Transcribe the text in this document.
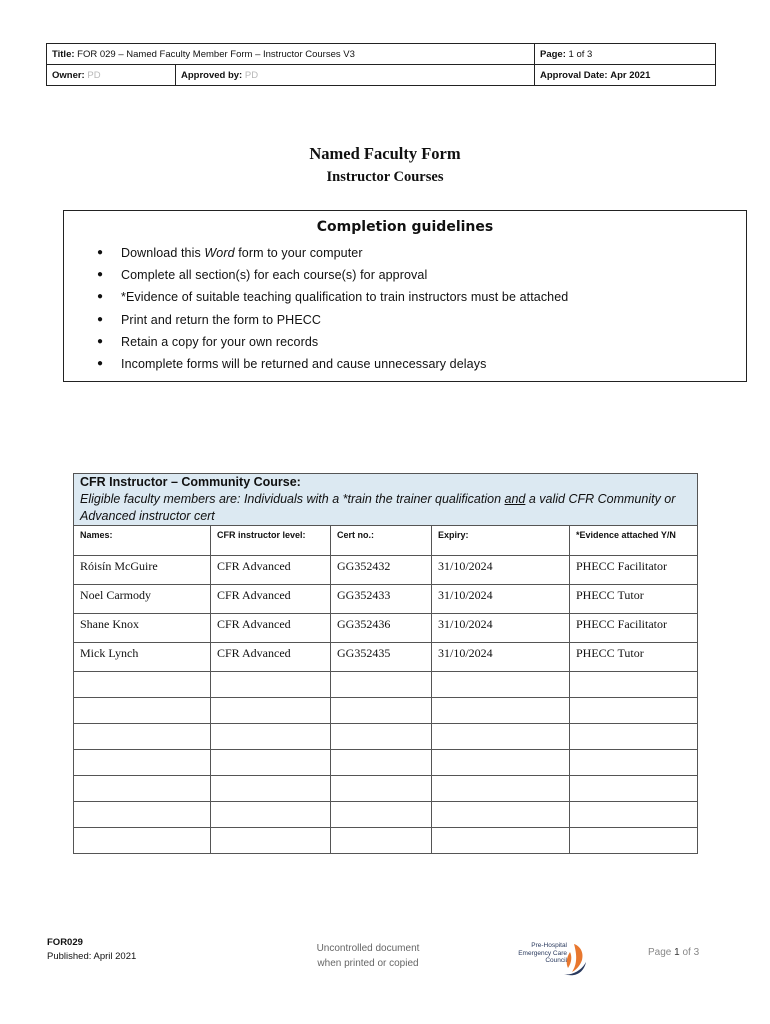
Title: FOR 029 – Named Faculty Member Form – Instructor Courses V3		Page: 1 of 3
Owner: PD	Approved by: PD	Approval Date: Apr 2021
Named Faculty Form
Instructor Courses
Completion guidelines
● Download this Word form to your computer
● Complete all section(s) for each course(s) for approval
● *Evidence of suitable teaching qualification to train instructors must be attached
● Print and return the form to PHECC
● Retain a copy for your own records
● Incomplete forms will be returned and cause unnecessary delays
CFR Instructor – Community Course:
Eligible faculty members are: Individuals with a *train the trainer qualification and a valid CFR Community or Advanced instructor cert				

Names:	CFR instructor level:	Cert no.:	Expiry:	*Evidence attached Y/N
Róisín McGuire	CFR Advanced	GG352432	31/10/2024	PHECC Facilitator
Noel Carmody	CFR Advanced	GG352433	31/10/2024	PHECC Tutor
Shane Knox	CFR Advanced	GG352436	31/10/2024	PHECC Facilitator
Mick Lynch	CFR Advanced	GG352435	31/10/2024	PHECC Tutor

FOR029
Published: April 2021
Uncontrolled document
when printed or copied
Pre-Hospital
Emergency Care
Council
Page 1 of 3
